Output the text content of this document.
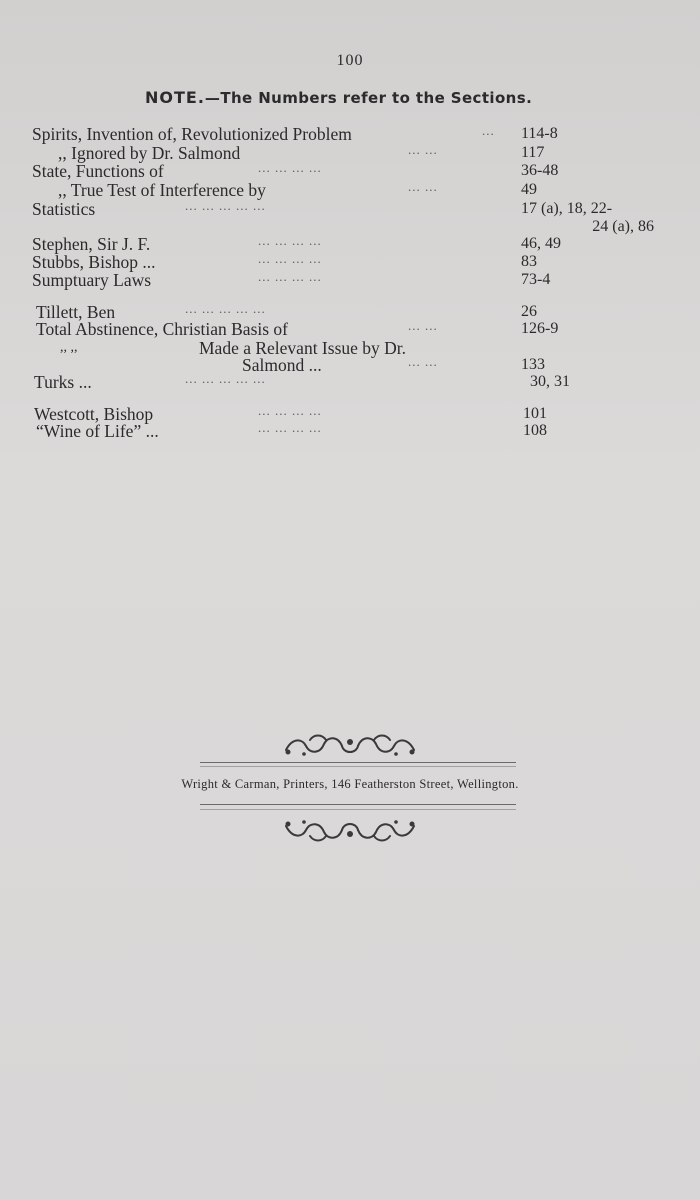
100
NOTE.—The Numbers refer to the Sections.
Spirits, Invention of, Revolutionized Problem	... 114-8
,, Ignored by Dr. Salmond	... ...	117
State, Functions of	... ... ... ...	36-48
,, True Test of Interference by	... ...	49
Statistics	... ... ... ... ...	17 (a), 18, 22-
24 (a), 86
Stephen, Sir J. F.	... ... ... ...	46, 49
Stubbs, Bishop ...	... ... ... ...	83
Sumptuary Laws	... ... ... ...	73-4
Tillett, Ben	... ... ... ... ...	26
Total Abstinence, Christian Basis of	... ...	126-9
,, ,,	Made a Relevant Issue by Dr.
Salmond ...	... ...	133
Turks ...	... ... ... ... ...	30, 31
Westcott, Bishop	... ... ... ...	101
“Wine of Life” ...	... ... ... ...	108
Wright & Carman, Printers, 146 Featherston Street, Wellington.
